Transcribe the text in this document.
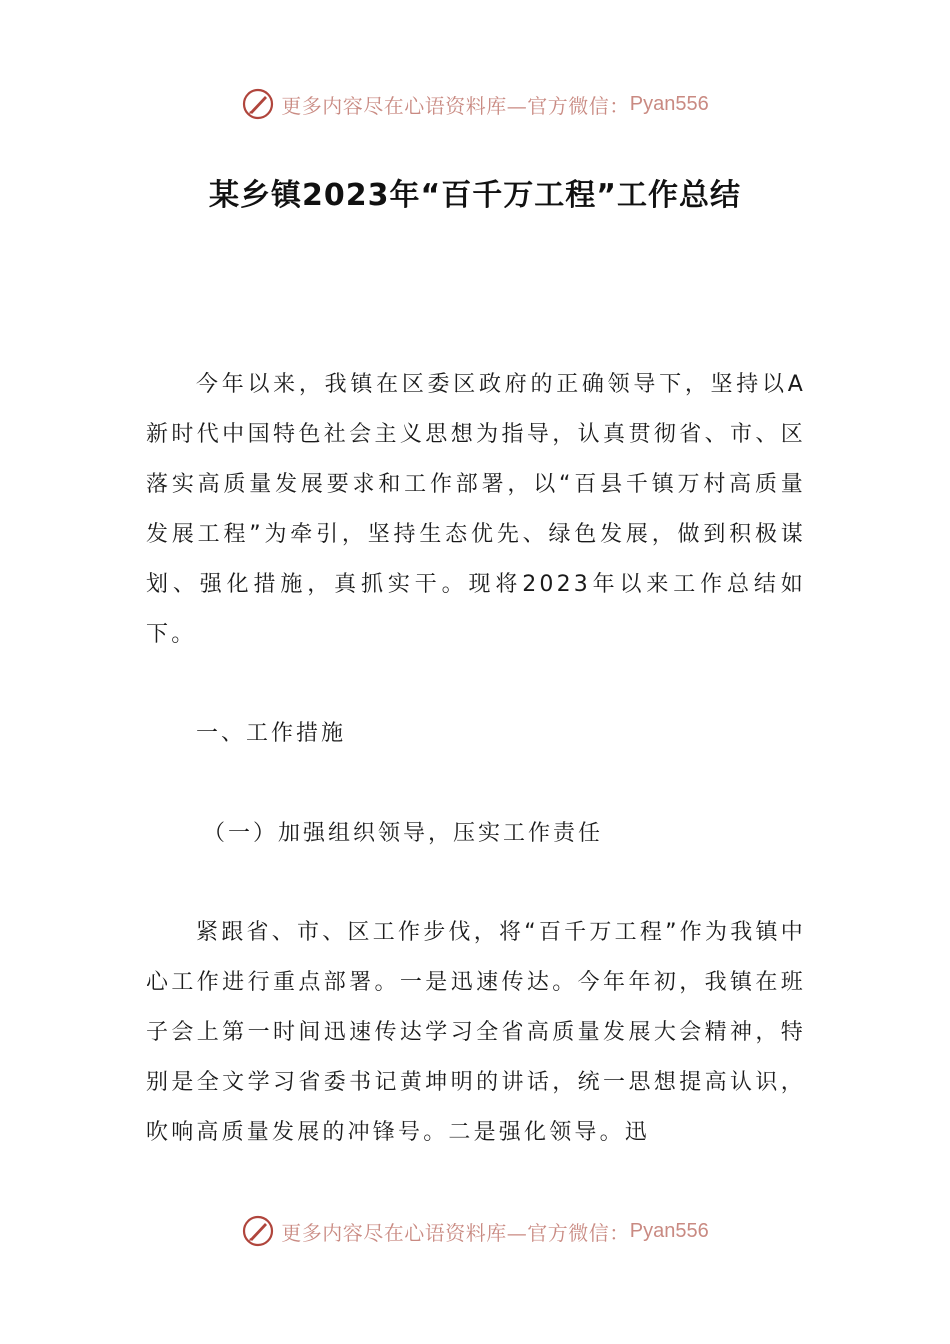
更多内容尽在心语资料库—官方微信： Pyan556
某乡镇2023年“百千万工程”工作总结
今年以来，我镇在区委区政府的正确领导下，坚持以A新时代中国特色社会主义思想为指导，认真贯彻省、市、区落实高质量发展要求和工作部署，以“百县千镇万村高质量发展工程”为牵引，坚持生态优先、绿色发展，做到积极谋划、强化措施，真抓实干。现将2023年以来工作总结如下。
一、工作措施
（一）加强组织领导，压实工作责任
紧跟省、市、区工作步伐，将“百千万工程”作为我镇中心工作进行重点部署。一是迅速传达。今年年初，我镇在班子会上第一时间迅速传达学习全省高质量发展大会精神，特别是全文学习省委书记黄坤明的讲话，统一思想提高认识，吹响高质量发展的冲锋号。二是强化领导。迅
更多内容尽在心语资料库—官方微信： Pyan556
